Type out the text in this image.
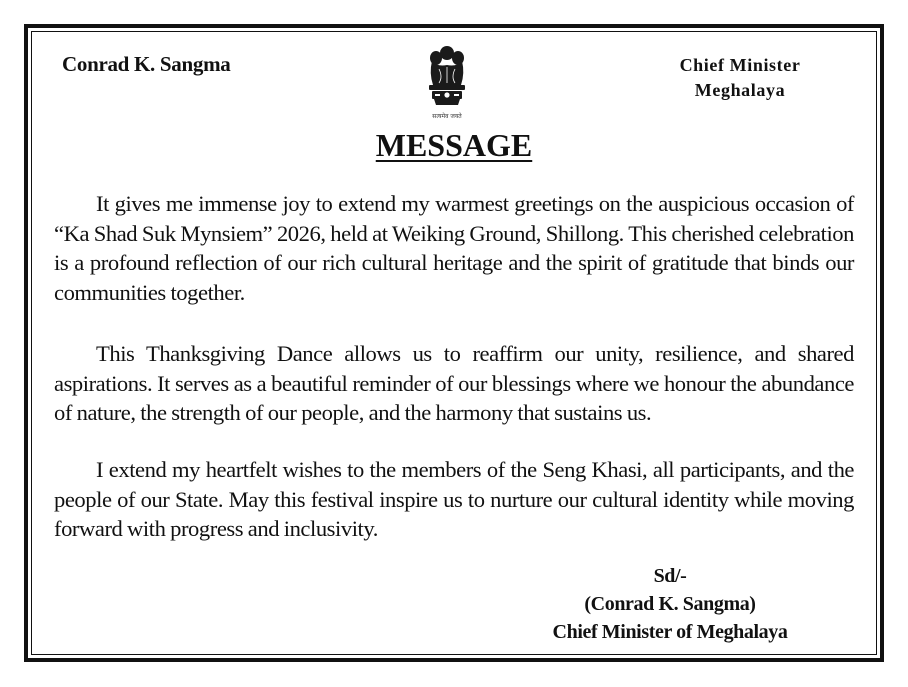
Conrad K. Sangma	Chief Minister
Meghalaya
सत्यमेव जयते
MESSAGE

It gives me immense joy to extend my warmest greetings on the auspicious occasion of “Ka Shad Suk Mynsiem” 2026, held at Weiking Ground, Shillong. This cherished celebration is a profound reflection of our rich cultural heritage and the spirit of gratitude that binds our communities together.

This Thanksgiving Dance allows us to reaffirm our unity, resilience, and shared aspirations. It serves as a beautiful reminder of our blessings where we honour the abundance of nature, the strength of our people, and the harmony that sustains us.

I extend my heartfelt wishes to the members of the Seng Khasi, all participants, and the people of our State. May this festival inspire us to nurture our cultural identity while moving forward with progress and inclusivity.

Sd/-
(Conrad K. Sangma)
Chief Minister of Meghalaya
